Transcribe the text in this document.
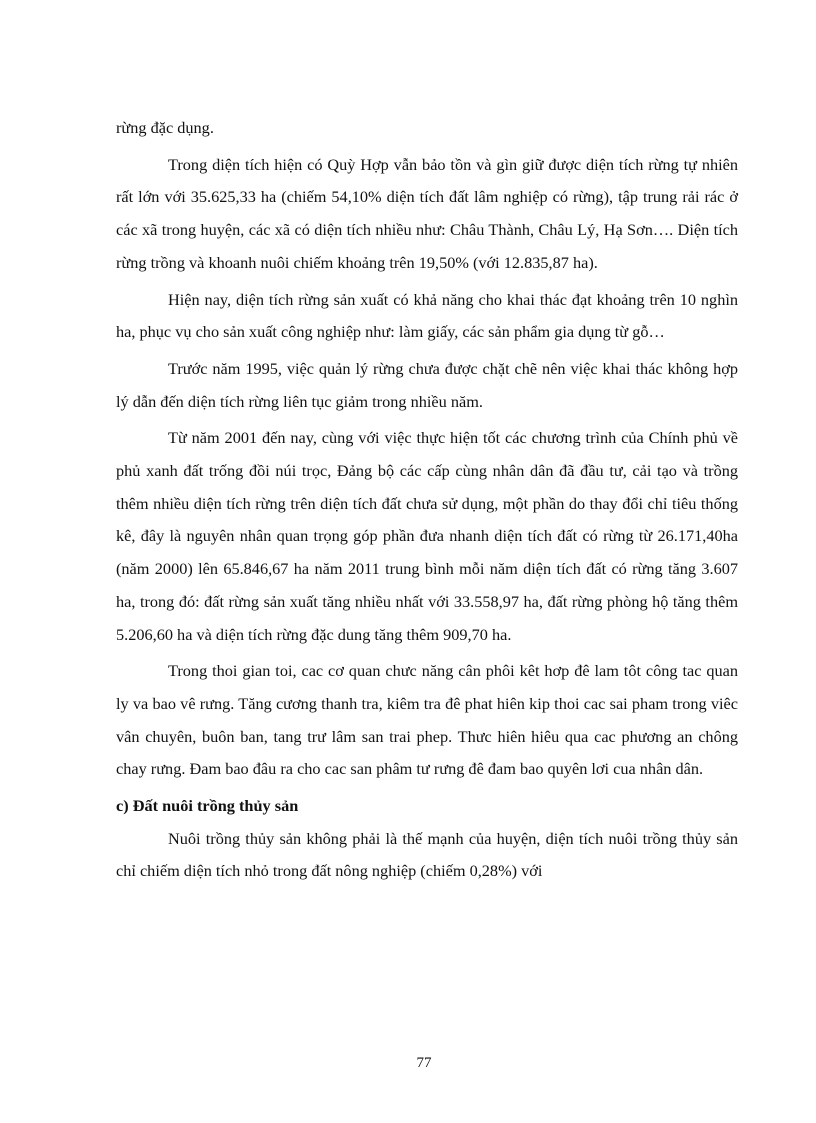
rừng đặc dụng.

Trong diện tích hiện có Quỳ Hợp vẫn bảo tồn và gìn giữ được diện tích rừng tự nhiên rất lớn với 35.625,33 ha (chiếm 54,10% diện tích đất lâm nghiệp có rừng), tập trung rải rác ở các xã trong huyện, các xã có diện tích nhiều như: Châu Thành, Châu Lý, Hạ Sơn…. Diện tích rừng trồng và khoanh nuôi chiếm khoảng trên 19,50% (với 12.835,87 ha).

Hiện nay, diện tích rừng sản xuất có khả năng cho khai thác đạt khoảng trên 10 nghìn ha, phục vụ cho sản xuất công nghiệp như: làm giấy, các sản phẩm gia dụng từ gỗ…

Trước năm 1995, việc quản lý rừng chưa được chặt chẽ nên việc khai thác không hợp lý dẫn đến diện tích rừng liên tục giảm trong nhiều năm.

Từ năm 2001 đến nay, cùng với việc thực hiện tốt các chương trình của Chính phủ về phủ xanh đất trống đồi núi trọc, Đảng bộ các cấp cùng nhân dân đã đầu tư, cải tạo và trồng thêm nhiều diện tích rừng trên diện tích đất chưa sử dụng, một phần do thay đổi chỉ tiêu thống kê, đây là nguyên nhân quan trọng góp phần đưa nhanh diện tích đất có rừng từ 26.171,40ha (năm 2000) lên 65.846,67 ha năm 2011 trung bình mỗi năm diện tích đất có rừng tăng 3.607 ha, trong đó: đất rừng sản xuất tăng nhiều nhất với 33.558,97 ha, đất rừng phòng hộ tăng thêm 5.206,60 ha và diện tích rừng đặc dung tăng thêm 909,70 ha.

Trong thoi gian toi, cac cơ quan chưc năng cân phôi kêt hơp đê lam tôt công tac quan ly va bao vê rưng. Tăng cương thanh tra, kiêm tra đê phat hiên kip thoi cac sai pham trong viêc vân chuyên, buôn ban, tang trư lâm san trai phep. Thưc hiên hiêu qua cac phương an chông chay rưng. Đam bao đâu ra cho cac san phâm tư rưng đê đam bao quyên lơi cua nhân dân.

c) Đất nuôi trồng thủy sản

Nuôi trồng thủy sản không phải là thế mạnh của huyện, diện tích nuôi trồng thủy sản chỉ chiếm diện tích nhỏ trong đất nông nghiệp (chiếm 0,28%) với

77
